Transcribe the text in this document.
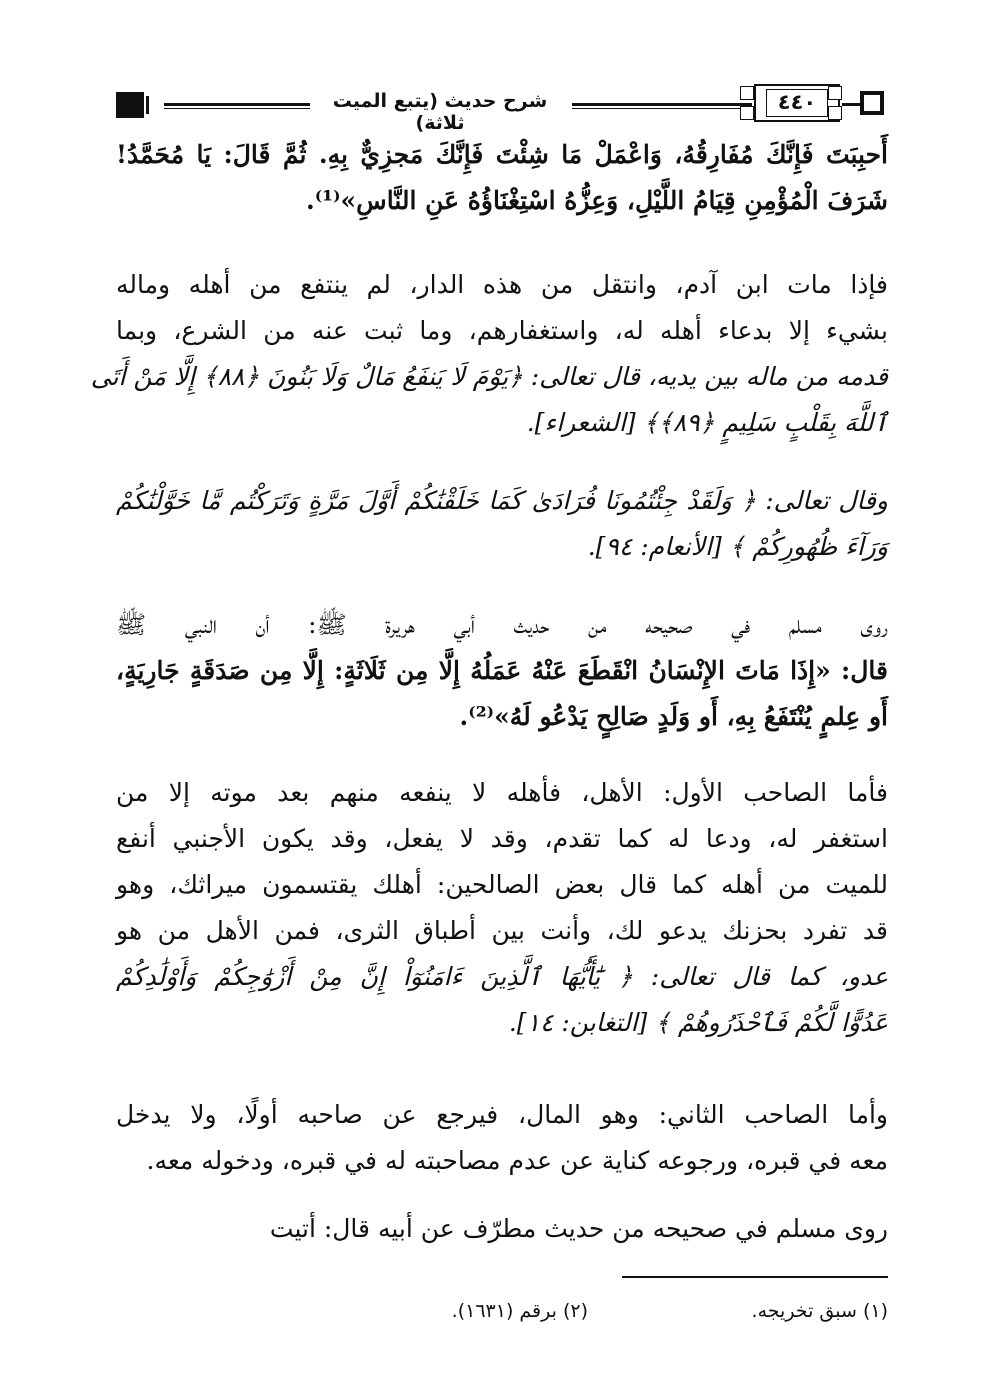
شرح حديث (يتبع الميت ثلاثة)
٤٤٠
أَحبِبَتَ فَإِنَّكَ مُفَارِقُهُ، وَاعْمَلْ مَا شِئْتَ فَإِنَّكَ مَجزِيٌّ بِهِ. ثُمَّ قَالَ: يَا مُحَمَّدُ!
شَرَفَ الْمُؤْمِنِ قِيَامُ اللَّيْلِ، وَعِزُّهُ اسْتِغْنَاؤُهُ عَنِ النَّاسِ»⁽¹⁾.
فإذا مات ابن آدم، وانتقل من هذه الدار، لم ينتفع من أهله وماله
بشيء إلا بدعاء أهله له، واستغفارهم، وما ثبت عنه من الشرع، وبما
قدمه من ماله بين يديه، قال تعالى: ﴿يَوْمَ لَا يَنفَعُ مَالٌ وَلَا بَنُونَ ﴿٨٨﴾ إِلَّا مَنْ أَتَى
ٱللَّهَ بِقَلْبٍ سَلِيمٍ ﴿٨٩﴾﴾ [الشعراء].
وقال تعالى: ﴿ وَلَقَدْ جِئْتُمُونَا فُرَادَىٰ كَمَا خَلَقْنَٰكُمْ أَوَّلَ مَرَّةٍ وَتَرَكْتُم مَّا خَوَّلْنَٰكُمْ
وَرَآءَ ظُهُورِكُمْ ﴾ [الأنعام: ٩٤].
روى مسلم في صحيحه من حديث أبي هريرة ﷺ: أن النبي ﷺ
قال: «إِذَا مَاتَ الإِنْسَانُ انْقَطَعَ عَنْهُ عَمَلُهُ إِلَّا مِن ثَلَاثَةٍ: إِلَّا مِن صَدَقَةٍ جَارِيَةٍ،
أَو عِلمٍ يُنْتَفَعُ بِهِ، أَو وَلَدٍ صَالِحٍ يَدْعُو لَهُ»⁽²⁾.
فأما الصاحب الأول: الأهل، فأهله لا ينفعه منهم بعد موته إلا من
استغفر له، ودعا له كما تقدم، وقد لا يفعل، وقد يكون الأجنبي أنفع
للميت من أهله كما قال بعض الصالحين: أهلك يقتسمون ميراثك، وهو
قد تفرد بحزنك يدعو لك، وأنت بين أطباق الثرى، فمن الأهل من هو
عدو، كما قال تعالى: ﴿ يَٰٓأَيُّهَا ٱلَّذِينَ ءَامَنُوٓاْ إِنَّ مِنْ أَزْوَٰجِكُمْ وَأَوْلَٰدِكُمْ
عَدُوًّا لَّكُمْ فَٱحْذَرُوهُمْ ﴾ [التغابن: ١٤].
وأما الصاحب الثاني: وهو المال، فيرجع عن صاحبه أولًا، ولا يدخل
معه في قبره، ورجوعه كناية عن عدم مصاحبته له في قبره، ودخوله معه.
روى مسلم في صحيحه من حديث مطرّف عن أبيه قال: أتيت
(١) سبق تخريجه.
(٢) برقم (١٦٣١).
